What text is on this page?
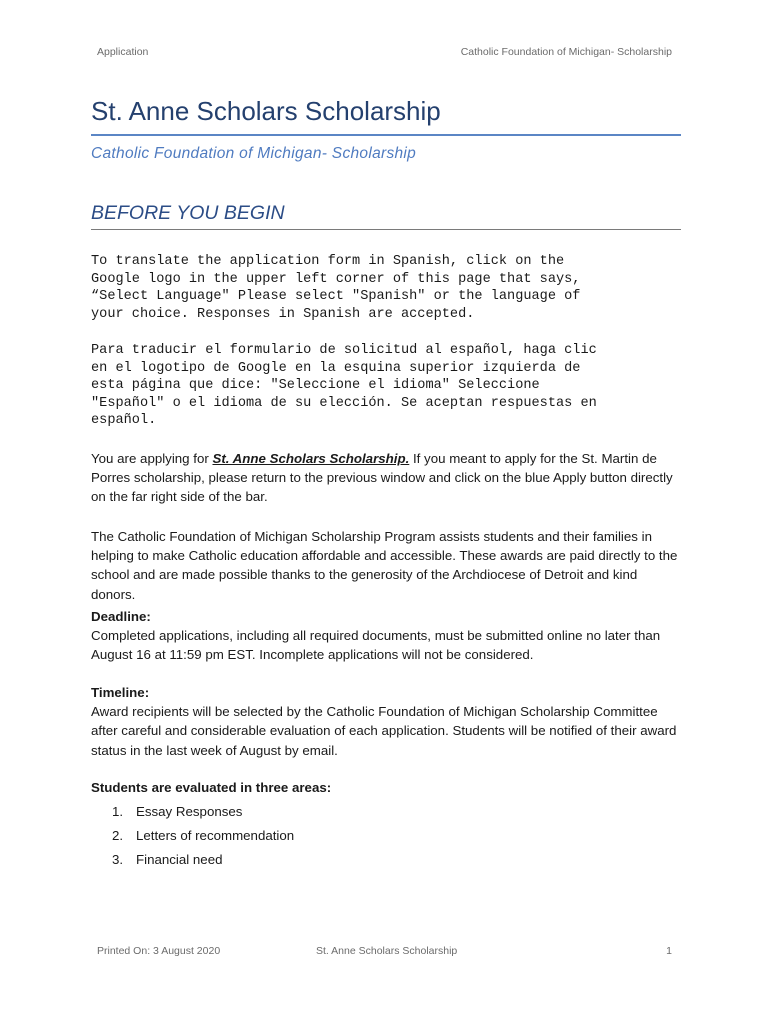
Application	Catholic Foundation of Michigan- Scholarship
St. Anne Scholars Scholarship
Catholic Foundation of Michigan- Scholarship
BEFORE YOU BEGIN
To translate the application form in Spanish, click on the
Google logo in the upper left corner of this page that says,
“Select Language" Please select "Spanish" or the language of
your choice. Responses in Spanish are accepted.
Para traducir el formulario de solicitud al español, haga clic
en el logotipo de Google en la esquina superior izquierda de
esta página que dice: "Seleccione el idioma" Seleccione
"Español" o el idioma de su elección. Se aceptan respuestas en
español.
You are applying for St. Anne Scholars Scholarship. If you meant to apply for the St. Martin de Porres scholarship, please return to the previous window and click on the blue Apply button directly on the far right side of the bar.
The Catholic Foundation of Michigan Scholarship Program assists students and their families in helping to make Catholic education affordable and accessible. These awards are paid directly to the school and are made possible thanks to the generosity of the Archdiocese of Detroit and kind donors.
Deadline:
Completed applications, including all required documents, must be submitted online no later than August 16 at 11:59 pm EST. Incomplete applications will not be considered.
Timeline:
Award recipients will be selected by the Catholic Foundation of Michigan Scholarship Committee after careful and considerable evaluation of each application. Students will be notified of their award status in the last week of August by email.
Students are evaluated in three areas:
1. Essay Responses
2. Letters of recommendation
3. Financial need
Printed On: 3 August 2020	St. Anne Scholars Scholarship	1
